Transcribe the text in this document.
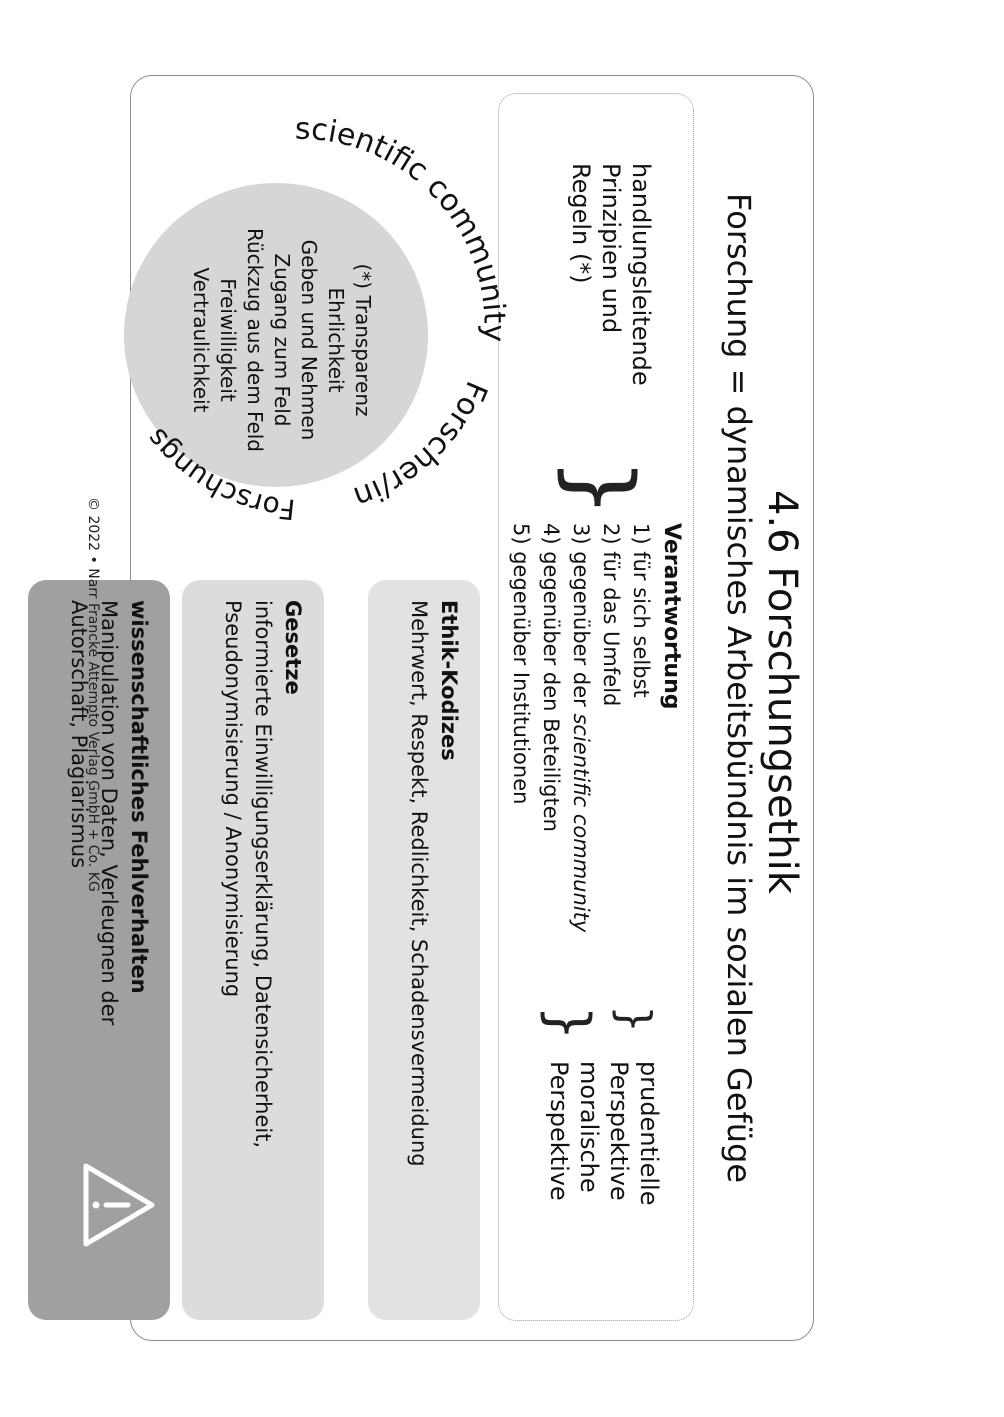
4.6 Forschungsethik
Forschung = dynamisches Arbeitsbündnis im sozialen Gefüge
handlungsleitende
Prinzipien und
Regeln (*)
}
Verantwortung
1) für sich selbst
2) für das Umfeld
3) gegenüber der scientific community
4) gegenüber den Beteiligten
5) gegenüber Institutionen
}
}
prudentielle
Perspektive
moralische
Perspektive
scientific community
Forscher/in
Forschungsfeld
(*) Transparenz
Ehrlichkeit
Geben und Nehmen
Zugang zum Feld
Rückzug aus dem Feld
Freiwilligkeit
Vertraulichkeit
Ethik-Kodizes
Mehrwert, Respekt, Redlichkeit, Schadensvermeidung
Gesetze
informierte Einwilligungserklärung, Datensicherheit,
Pseudonymisierung / Anonymisierung
wissenschaftliches Fehlverhalten
Manipulation von Daten, Verleugnen der
Autorschaft, Plagiarismus
© 2022 • Narr Francke Attempto Verlag GmbH + Co. KG
